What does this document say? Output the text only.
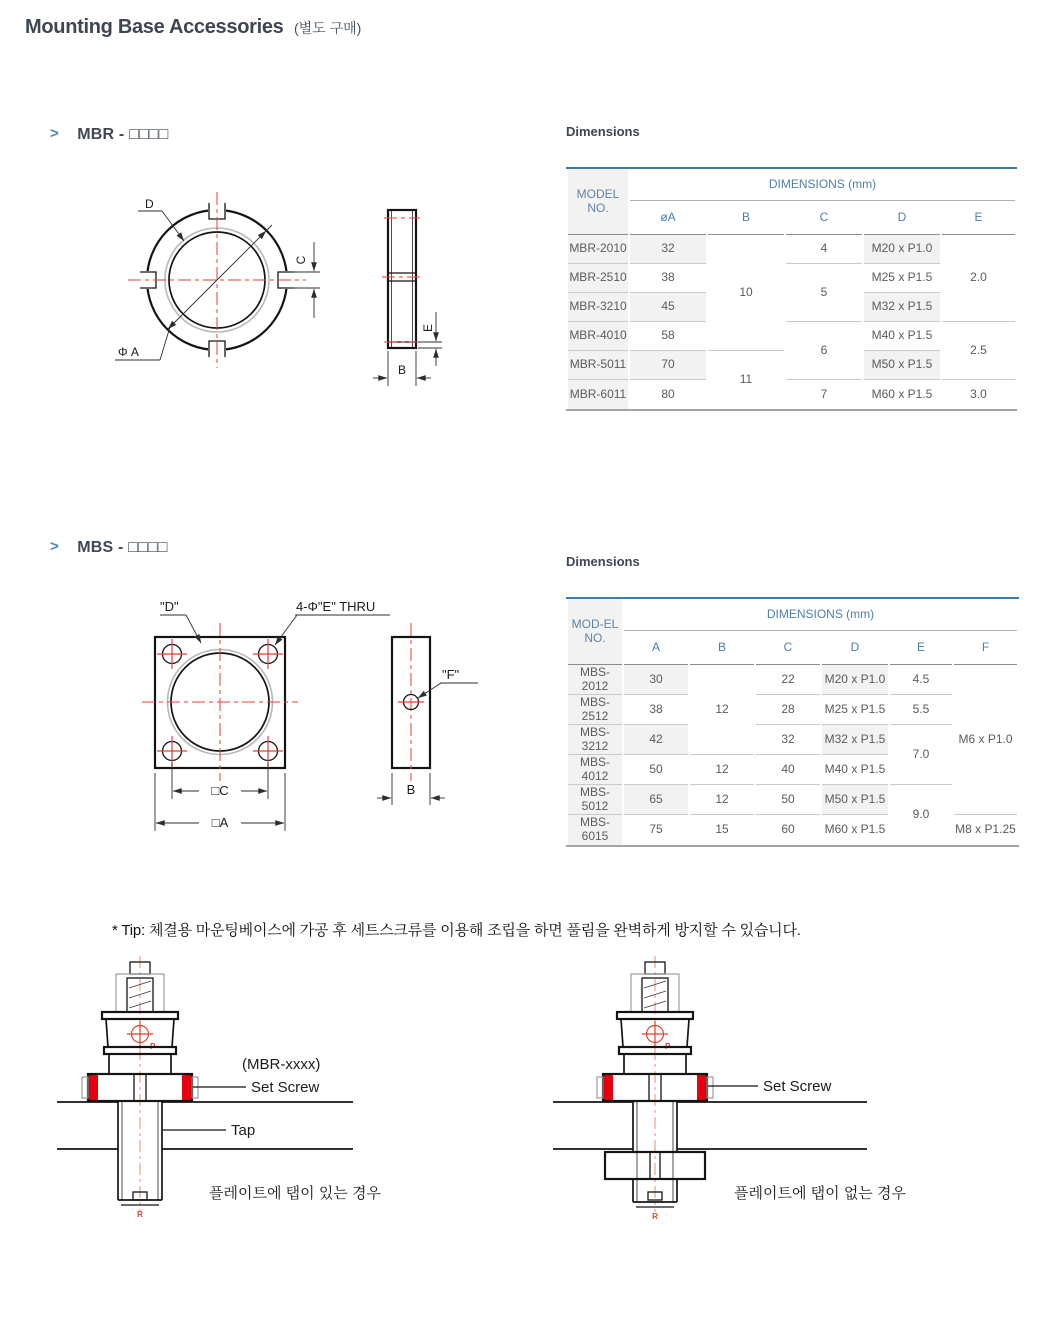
Mounting Base Accessories (별도 구매)
> MBR - □□□□	Dimensions
D
Φ A
C
B
E
MODEL NO.	DIMENSIONS (mm)				
	øA	B	C	D	E
MBR-2010	32	10	4	M20 x P1.0	2.0
MBR-2510	38		5	M25 x P1.5	
MBR-3210	45			M32 x P1.5	
MBR-4010	58		6	M40 x P1.5	2.5
MBR-5011	70	11		M50 x P1.5	
MBR-6011	80		7	M60 x P1.5	3.0
> MBS - □□□□
Dimensions
"D"	4-Φ"E" THRU
□C
□A
"F"
B
MOD-EL NO.	DIMENSIONS (mm)					
	A	B	C	D	E	F
MBS-2012	30	12	22	M20 x P1.0	4.5	M6 x P1.0
MBS-2512	38		28	M25 x P1.5	5.5	
MBS-3212	42		32	M32 x P1.5	7.0	
MBS-4012	50	12	40	M40 x P1.5		
MBS-5012	65	12	50	M50 x P1.5	9.0	
MBS-6015	75	15	60	M60 x P1.5		M8 x P1.25
* Tip: 체결용 마운팅베이스에 가공 후 세트스크류를 이용해 조립을 하면 풀림을 완벽하게 방지할 수 있습니다.
P
R
(MBR-xxxx)
Set Screw
Tap
플레이트에 탭이 있는 경우
P
R
Set Screw
플레이트에 탭이 없는 경우
